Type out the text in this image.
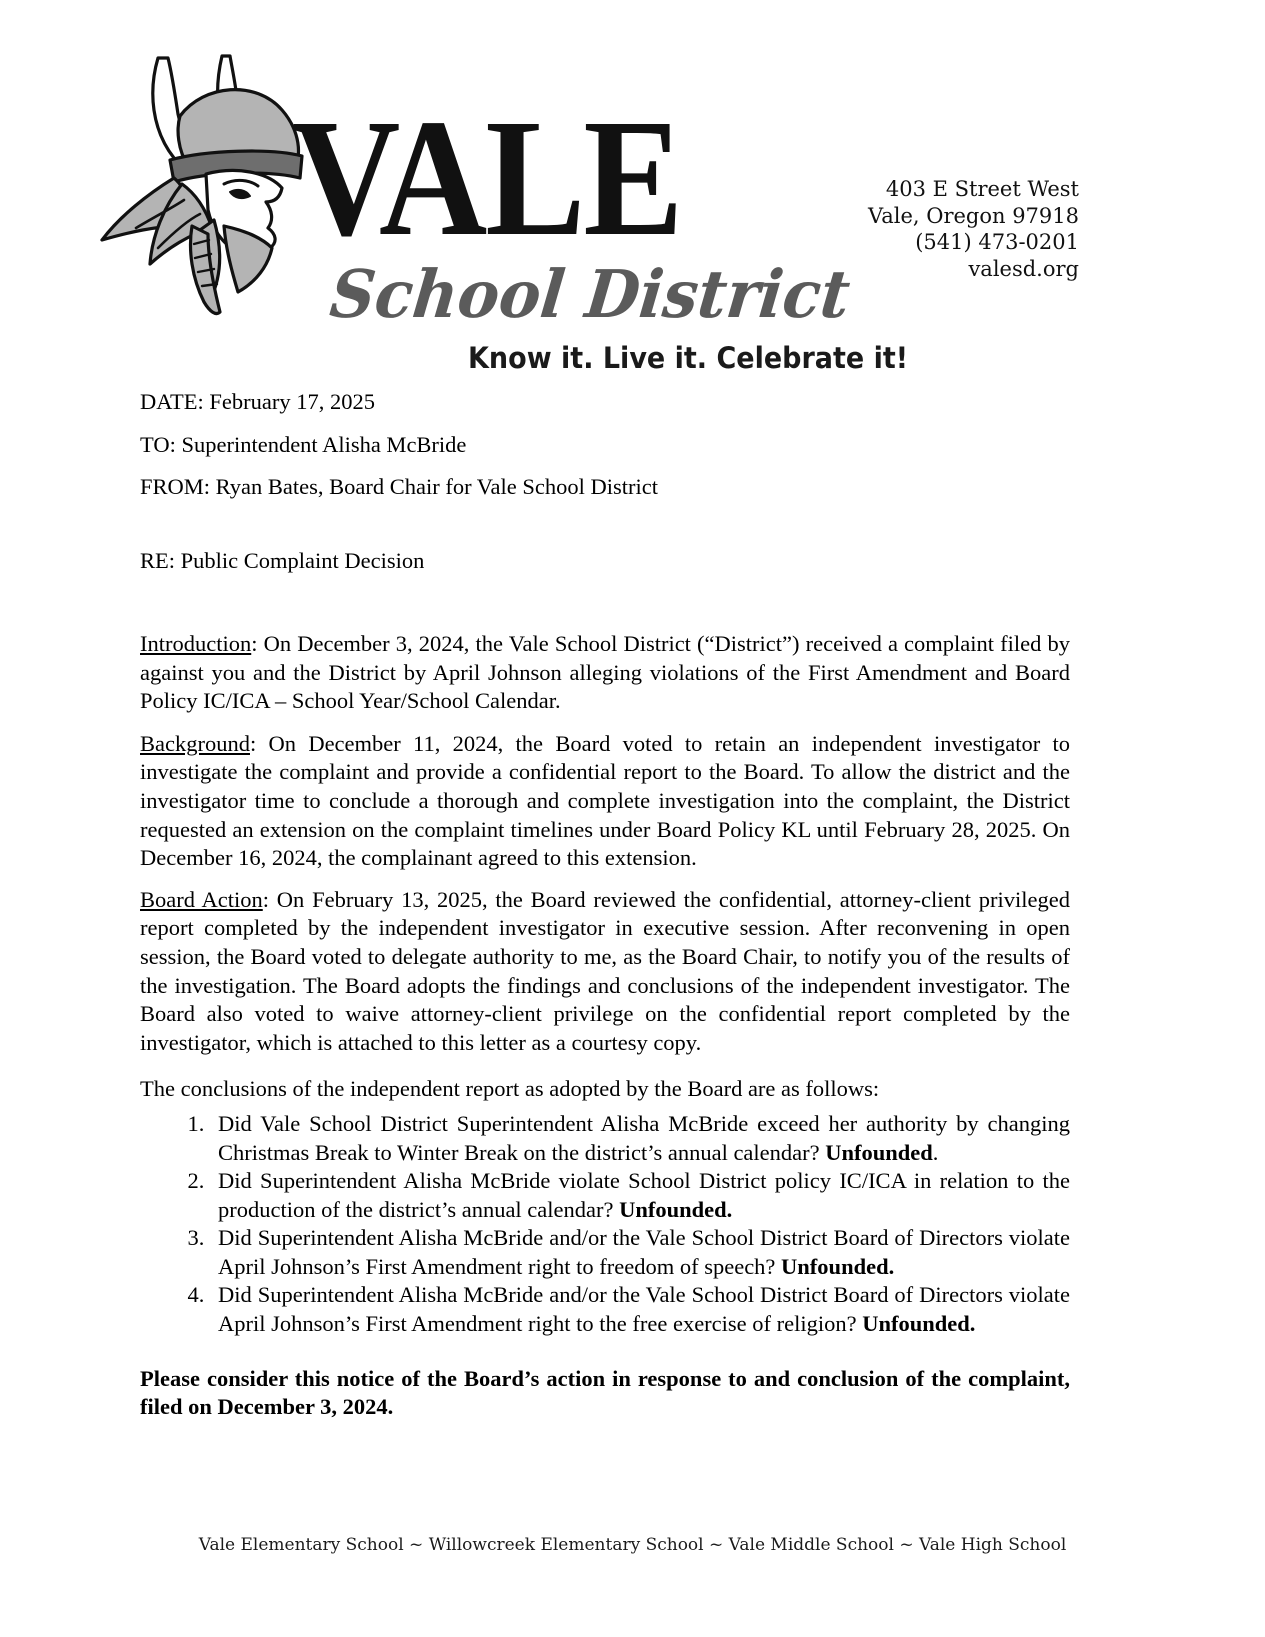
VALE
School District
Know it. Live it. Celebrate it!
403 E Street West
Vale, Oregon 97918
(541) 473-0201
valesd.org
DATE: February 17, 2025
TO: Superintendent Alisha McBride
FROM: Ryan Bates, Board Chair for Vale School District
RE: Public Complaint Decision

Introduction: On December 3, 2024, the Vale School District (“District”) received a complaint filed by against you and the District by April Johnson alleging violations of the First Amendment and Board Policy IC/ICA – School Year/School Calendar.

Background: On December 11, 2024, the Board voted to retain an independent investigator to investigate the complaint and provide a confidential report to the Board. To allow the district and the investigator time to conclude a thorough and complete investigation into the complaint, the District requested an extension on the complaint timelines under Board Policy KL until February 28, 2025. On December 16, 2024, the complainant agreed to this extension.

Board Action: On February 13, 2025, the Board reviewed the confidential, attorney-client privileged report completed by the independent investigator in executive session. After reconvening in open session, the Board voted to delegate authority to me, as the Board Chair, to notify you of the results of the investigation. The Board adopts the findings and conclusions of the independent investigator. The Board also voted to waive attorney-client privilege on the confidential report completed by the investigator, which is attached to this letter as a courtesy copy.

The conclusions of the independent report as adopted by the Board are as follows:
1. Did Vale School District Superintendent Alisha McBride exceed her authority by changing Christmas Break to Winter Break on the district’s annual calendar? Unfounded.
2. Did Superintendent Alisha McBride violate School District policy IC/ICA in relation to the production of the district’s annual calendar? Unfounded.
3. Did Superintendent Alisha McBride and/or the Vale School District Board of Directors violate April Johnson’s First Amendment right to freedom of speech? Unfounded.
4. Did Superintendent Alisha McBride and/or the Vale School District Board of Directors violate April Johnson’s First Amendment right to the free exercise of religion? Unfounded.

Please consider this notice of the Board’s action in response to and conclusion of the complaint, filed on December 3, 2024.

Vale Elementary School ~ Willowcreek Elementary School ~ Vale Middle School ~ Vale High School
